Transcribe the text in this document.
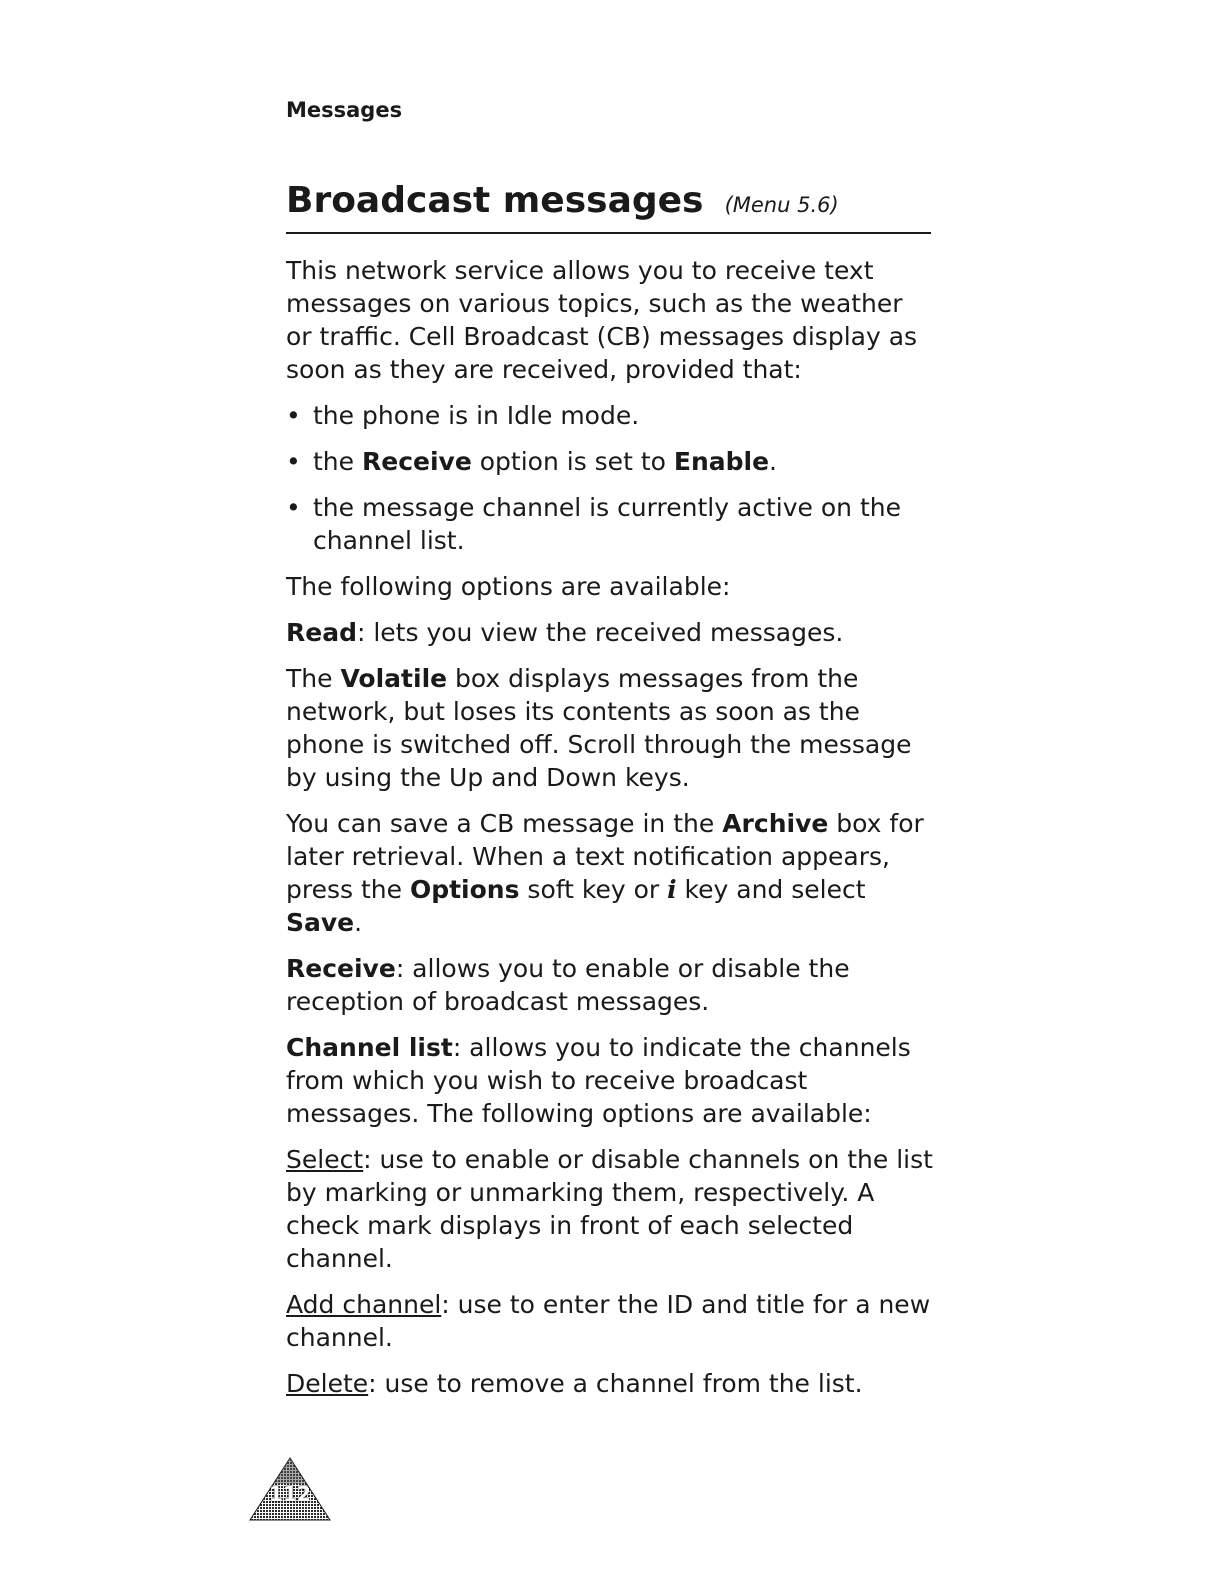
Messages
Broadcast messages (Menu 5.6)

This network service allows you to receive text messages on various topics, such as the weather or traffic. Cell Broadcast (CB) messages display as soon as they are received, provided that:

• the phone is in Idle mode.
• the Receive option is set to Enable.
• the message channel is currently active on the channel list.

The following options are available:

Read: lets you view the received messages.

The Volatile box displays messages from the network, but loses its contents as soon as the phone is switched off. Scroll through the message by using the Up and Down keys.

You can save a CB message in the Archive box for later retrieval. When a text notification appears, press the Options soft key or i key and select Save.

Receive: allows you to enable or disable the reception of broadcast messages.

Channel list: allows you to indicate the channels from which you wish to receive broadcast messages. The following options are available:

Select: use to enable or disable channels on the list by marking or unmarking them, respectively. A check mark displays in front of each selected channel.

Add channel: use to enter the ID and title for a new channel.

Delete: use to remove a channel from the list.

112
